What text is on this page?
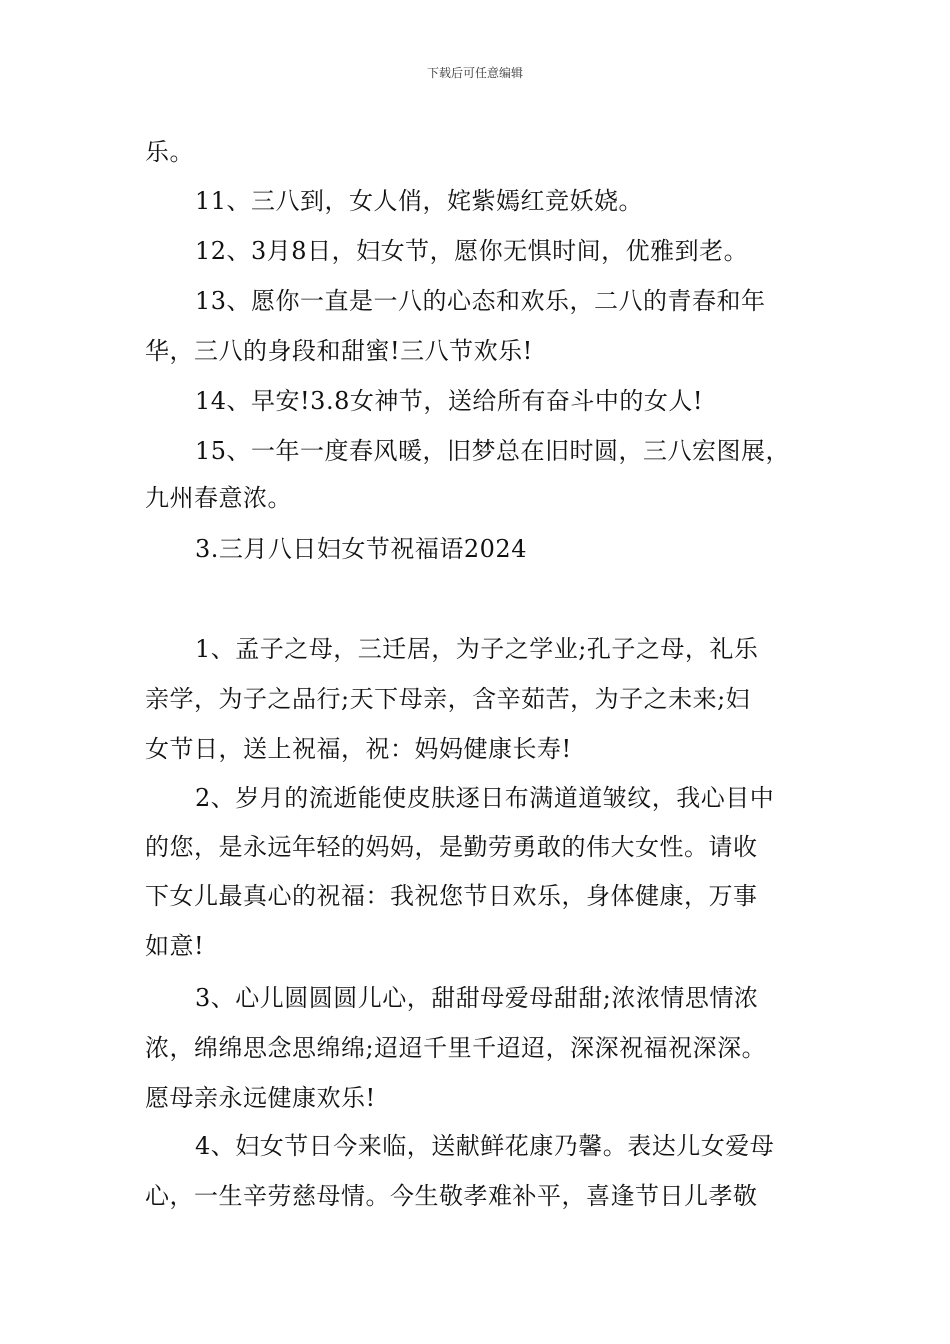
下载后可任意编辑
乐。
11、三八到，女人俏，姹紫嫣红竞妖娆。
12、3月8日，妇女节，愿你无惧时间，优雅到老。
13、愿你一直是一八的心态和欢乐，二八的青春和年
华，三八的身段和甜蜜!三八节欢乐!
14、早安!3.8女神节，送给所有奋斗中的女人!
15、一年一度春风暖，旧梦总在旧时圆，三八宏图展，
九州春意浓。
3.三月八日妇女节祝福语2024
1、孟子之母，三迁居，为子之学业;孔子之母，礼乐
亲学，为子之品行;天下母亲，含辛茹苦，为子之未来;妇
女节日，送上祝福，祝：妈妈健康长寿!
2、岁月的流逝能使皮肤逐日布满道道皱纹，我心目中
的您，是永远年轻的妈妈，是勤劳勇敢的伟大女性。请收
下女儿最真心的祝福：我祝您节日欢乐，身体健康，万事
如意!
3、心儿圆圆圆儿心，甜甜母爱母甜甜;浓浓情思情浓
浓，绵绵思念思绵绵;迢迢千里千迢迢，深深祝福祝深深。
愿母亲永远健康欢乐!
4、妇女节日今来临，送献鲜花康乃馨。表达儿女爱母
心，一生辛劳慈母情。今生敬孝难补平，喜逢节日儿孝敬
